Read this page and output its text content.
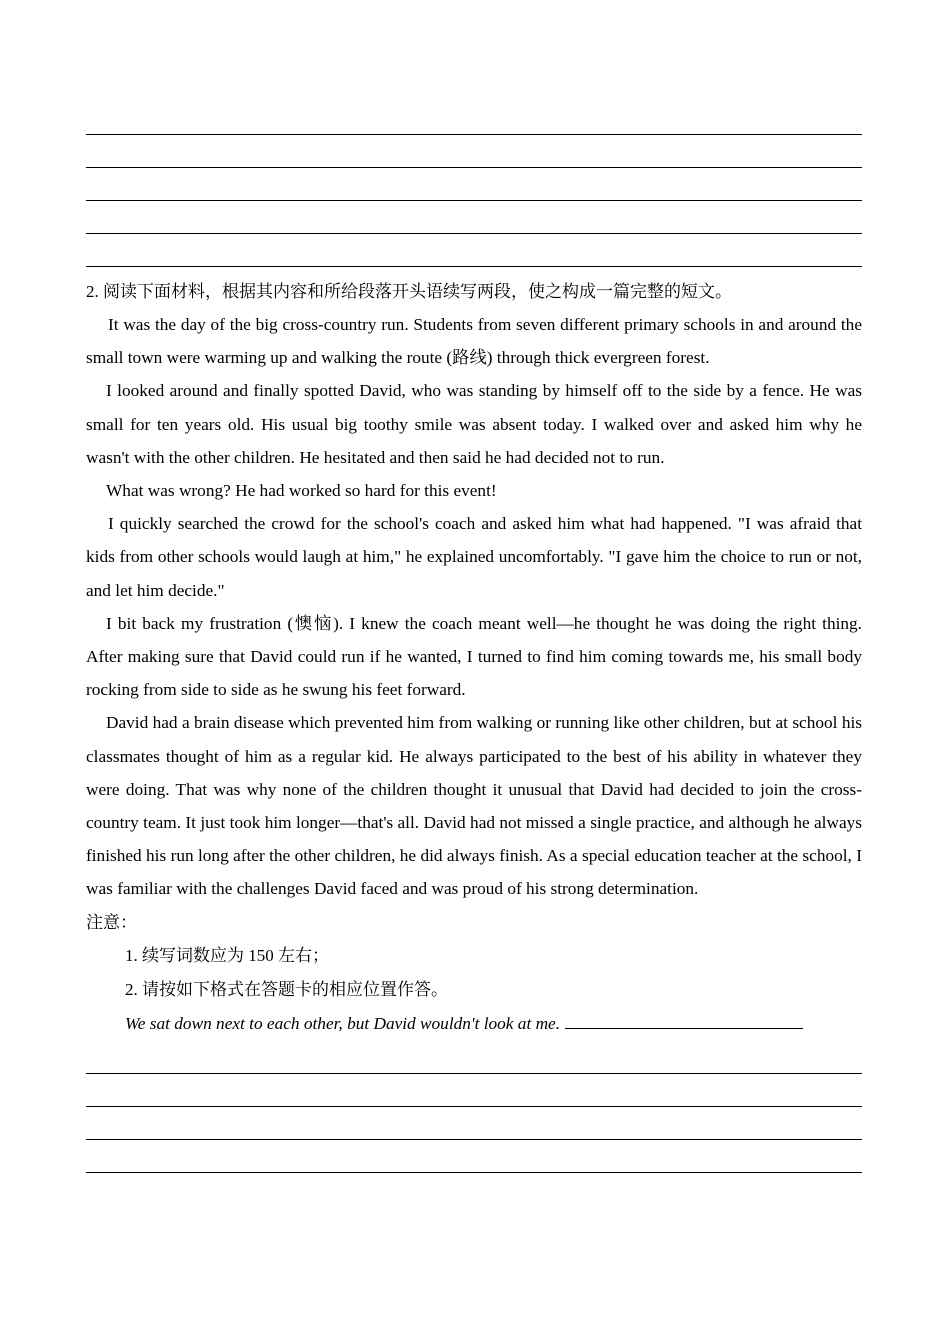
2. 阅读下面材料，根据其内容和所给段落开头语续写两段，使之构成一篇完整的短文。

It was the day of the big cross-country run. Students from seven different primary schools in and around the small town were warming up and walking the route (路线) through thick evergreen forest.

I looked around and finally spotted David, who was standing by himself off to the side by a fence. He was small for ten years old. His usual big toothy smile was absent today. I walked over and asked him why he wasn't with the other children. He hesitated and then said he had decided not to run.

What was wrong? He had worked so hard for this event!

I quickly searched the crowd for the school's coach and asked him what had happened. "I was afraid that kids from other schools would laugh at him," he explained uncomfortably. "I gave him the choice to run or not, and let him decide."

I bit back my frustration (懊恼). I knew the coach meant well—he thought he was doing the right thing. After making sure that David could run if he wanted, I turned to find him coming towards me, his small body rocking from side to side as he swung his feet forward.

David had a brain disease which prevented him from walking or running like other children, but at school his classmates thought of him as a regular kid. He always participated to the best of his ability in whatever they were doing. That was why none of the children thought it unusual that David had decided to join the cross-country team. It just took him longer—that's all. David had not missed a single practice, and although he always finished his run long after the other children, he did always finish. As a special education teacher at the school, I was familiar with the challenges David faced and was proud of his strong determination.

注意：

1. 续写词数应为 150 左右；

2. 请按如下格式在答题卡的相应位置作答。

We sat down next to each other, but David wouldn't look at me.
